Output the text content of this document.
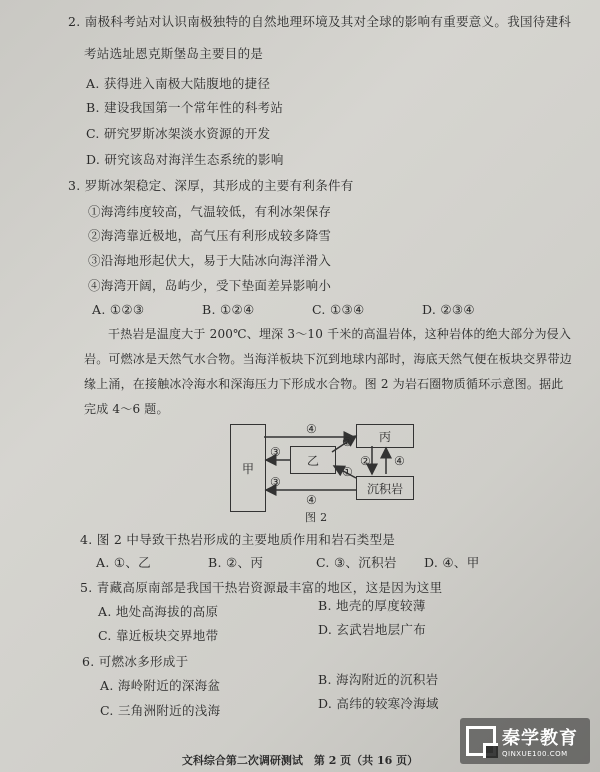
2. 南极科考站对认识南极独特的自然地理环境及其对全球的影响有重要意义。我国待建科
考站选址恩克斯堡岛主要目的是
A. 获得进入南极大陆腹地的捷径
B. 建设我国第一个常年性的科考站
C. 研究罗斯冰架淡水资源的开发
D. 研究该岛对海洋生态系统的影响
3. 罗斯冰架稳定、深厚，其形成的主要有利条件有
①海湾纬度较高，气温较低，有利冰架保存
②海湾靠近极地，高气压有利形成较多降雪
③沿海地形起伏大，易于大陆冰向海洋滑入
④海湾开阔，岛屿少，受下垫面差异影响小
A. ①②③	B. ①②④	C. ①③④	D. ②③④
干热岩是温度大于 200℃、埋深 3～10 千米的高温岩体，这种岩体的绝大部分为侵入岩。可燃冰是天然气水合物。当海洋板块下沉到地球内部时，海底天然气便在板块交界带边缘上涌，在接触冰冷海水和深海压力下形成水合物。图 2 为岩石圈物质循环示意图。据此完成 4～6 题。
甲
乙
丙
沉积岩
④
③
②
①
④
③
④
②
图 2
4. 图 2 中导致干热岩形成的主要地质作用和岩石类型是
A. ①、乙	B. ②、丙	C. ③、沉积岩 D. ④、甲
5. 青藏高原南部是我国干热岩资源最丰富的地区，这是因为这里
A. 地处高海拔的高原	B. 地壳的厚度较薄
C. 靠近板块交界地带	D. 玄武岩地层广布
6. 可燃冰多形成于
A. 海岭附近的深海盆	B. 海沟附近的沉积岩
C. 三角洲附近的浅海	D. 高纬的较寒冷海域
文科综合第二次调研测试　第 2 页（共 16 页）
秦学教育
QINXUE100.COM
